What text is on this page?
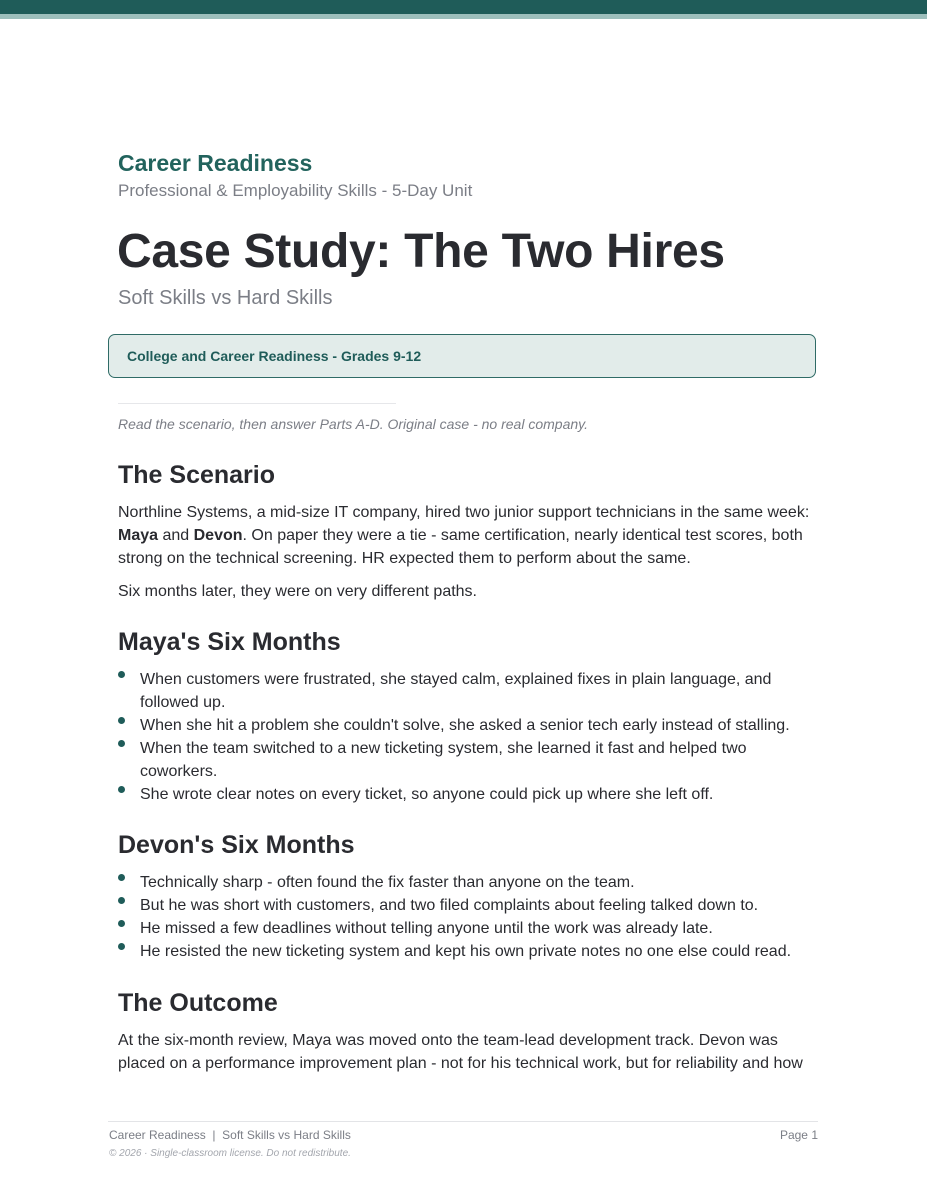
Career Readiness
Professional & Employability Skills - 5-Day Unit
Case Study: The Two Hires
Soft Skills vs Hard Skills
College and Career Readiness - Grades 9-12
Read the scenario, then answer Parts A-D. Original case - no real company.
The Scenario

Northline Systems, a mid-size IT company, hired two junior support technicians in the same week: Maya and Devon. On paper they were a tie - same certification, nearly identical test scores, both strong on the technical screening. HR expected them to perform about the same.

Six months later, they were on very different paths.

Maya's Six Months
When customers were frustrated, she stayed calm, explained fixes in plain language, and followed up.
When she hit a problem she couldn't solve, she asked a senior tech early instead of stalling.
When the team switched to a new ticketing system, she learned it fast and helped two coworkers.
She wrote clear notes on every ticket, so anyone could pick up where she left off.
Devon's Six Months
Technically sharp - often found the fix faster than anyone on the team.
But he was short with customers, and two filed complaints about feeling talked down to.
He missed a few deadlines without telling anyone until the work was already late.
He resisted the new ticketing system and kept his own private notes no one else could read.
The Outcome

At the six-month review, Maya was moved onto the team-lead development track. Devon was placed on a performance improvement plan - not for his technical work, but for reliability and how

Career Readiness  |  Soft Skills vs Hard Skills	Page 1
© 2026 · Single-classroom license. Do not redistribute.
